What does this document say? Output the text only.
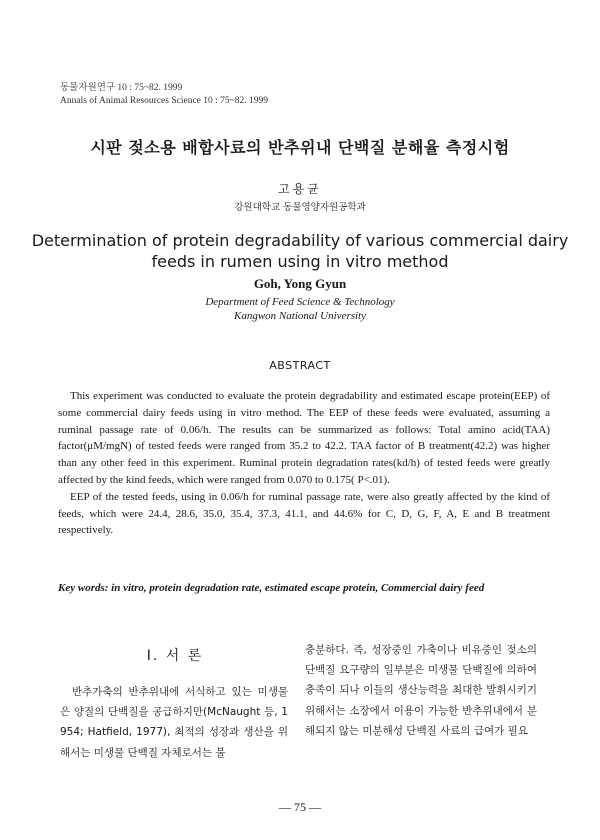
동물자원연구 10 : 75~82. 1999
Annals of Animal Resources Science 10 : 75~82. 1999
시판 젖소용 배합사료의 반추위내 단백질 분해율 측정시험
고용균
강원대학교 동물영양자원공학과
Determination of protein degradability of various commercial dairy
feeds in rumen using in vitro method
Goh, Yong Gyun
Department of Feed Science & Technology
Kangwon National University
ABSTRACT

This experiment was conducted to evaluate the protein degradability and estimated escape protein(EEP) of some commercial dairy feeds using in vitro method. The EEP of these feeds were evaluated, assuming a ruminal passage rate of 0.06/h. The results can be summarized as follows: Total amino acid(TAA) factor(μM/mgN) of tested feeds were ranged from 35.2 to 42.2. TAA factor of B treatment(42.2) was higher than any other feed in this experiment. Ruminal protein degradation rates(kd/h) of tested feeds were greatly affected by the kind feeds, which were ranged from 0.070 to 0.175( P<.01).

EEP of the tested feeds, using in 0.06/h for ruminal passage rate, were also greatly affected by the kind of feeds, which were 24.4, 28.6, 35.0, 35.4, 37.3, 41.1, and 44.6% for C, D, G, F, A, E and B treatment respectively.

Key words: in vitro, protein degradation rate, estimated escape protein, Commercial dairy feed
Ⅰ. 서 론

반추가축의 반추위내에 서식하고 있는 미생물은 양질의 단백질을 공급하지만(McNaught 등, 1954; Hatfield, 1977), 최적의 성장과 생산을 위해서는 미생물 단백질 자체로서는 불

충분하다. 즉, 성장중인 가축이나 비유중인 젖소의 단백질 요구량의 일부분은 미생물 단백질에 의하여 충족이 되나 이들의 생산능력을 최대한 발휘시키기 위해서는 소장에서 이용이 가능한 반추위내에서 분해되지 않는 미분해성 단백질 사료의 급여가 필요

— 75 —
